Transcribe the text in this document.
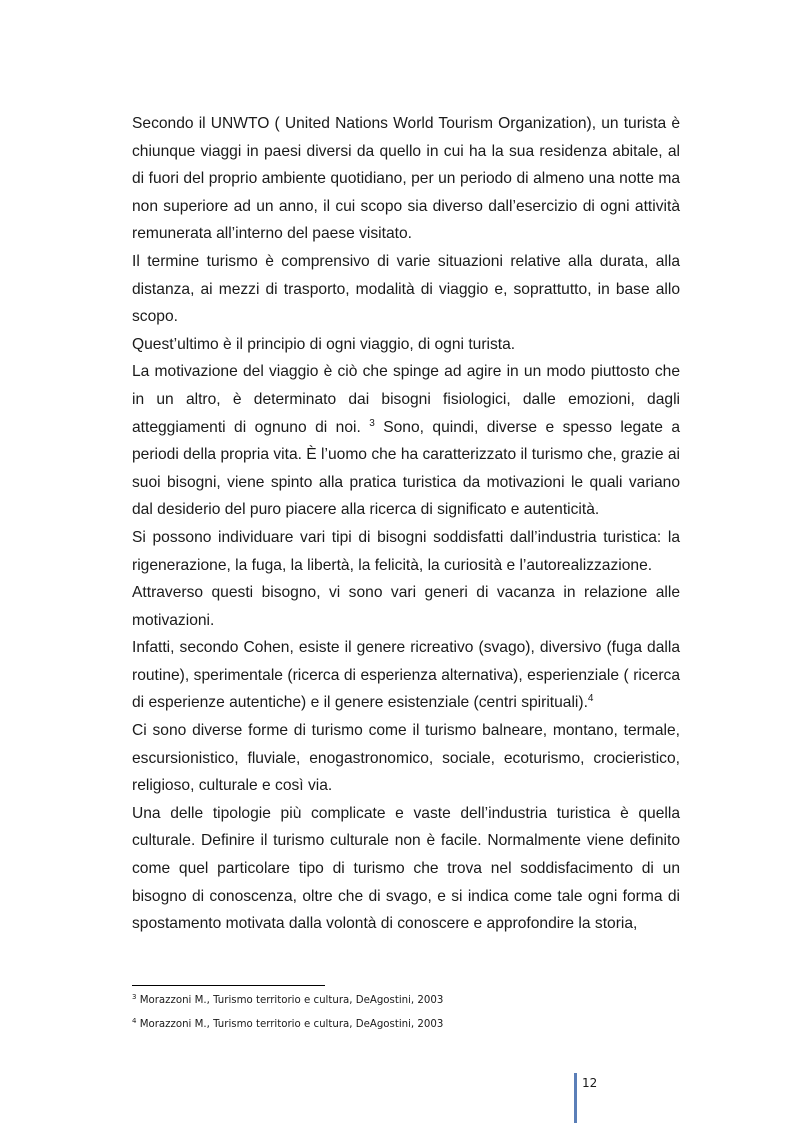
Secondo il UNWTO ( United Nations World Tourism Organization), un turista è chiunque viaggi in paesi diversi da quello in cui ha la sua residenza abitale, al di fuori del proprio ambiente quotidiano, per un periodo di almeno una notte ma non superiore ad un anno, il cui scopo sia diverso dall’esercizio di ogni attività remunerata all’interno del paese visitato.

Il termine turismo è comprensivo di varie situazioni relative alla durata, alla distanza, ai mezzi di trasporto, modalità di viaggio e, soprattutto, in base allo scopo.

Quest’ultimo è il principio di ogni viaggio, di ogni turista.

La motivazione del viaggio è ciò che spinge ad agire in un modo piuttosto che in un altro, è determinato dai bisogni fisiologici, dalle emozioni, dagli atteggiamenti di ognuno di noi. $^3$ Sono, quindi, diverse e spesso legate a periodi della propria vita. È l’uomo che ha caratterizzato il turismo che, grazie ai suoi bisogni, viene spinto alla pratica turistica da motivazioni le quali variano dal desiderio del puro piacere alla ricerca di significato e autenticità.

Si possono individuare vari tipi di bisogni soddisfatti dall’industria turistica: la rigenerazione, la fuga, la libertà, la felicità, la curiosità e l’autorealizzazione.

Attraverso questi bisogno, vi sono vari generi di vacanza in relazione alle motivazioni.

Infatti, secondo Cohen, esiste il genere ricreativo (svago), diversivo (fuga dalla routine), sperimentale (ricerca di esperienza alternativa), esperienziale ( ricerca di esperienze autentiche) e il genere esistenziale (centri spirituali).$^4$

Ci sono diverse forme di turismo come il turismo balneare, montano, termale, escursionistico, fluviale, enogastronomico, sociale, ecoturismo, crocieristico, religioso, culturale e così via.

Una delle tipologie più complicate e vaste dell’industria turistica è quella culturale. Definire il turismo culturale non è facile. Normalmente viene definito come quel particolare tipo di turismo che trova nel soddisfacimento di un bisogno di conoscenza, oltre che di svago, e si indica come tale ogni forma di spostamento motivata dalla volontà di conoscere e approfondire la storia,

$^3$ Morazzoni M., Turismo territorio e cultura, DeAgostini, 2003
$^4$ Morazzoni M., Turismo territorio e cultura, DeAgostini, 2003
12
